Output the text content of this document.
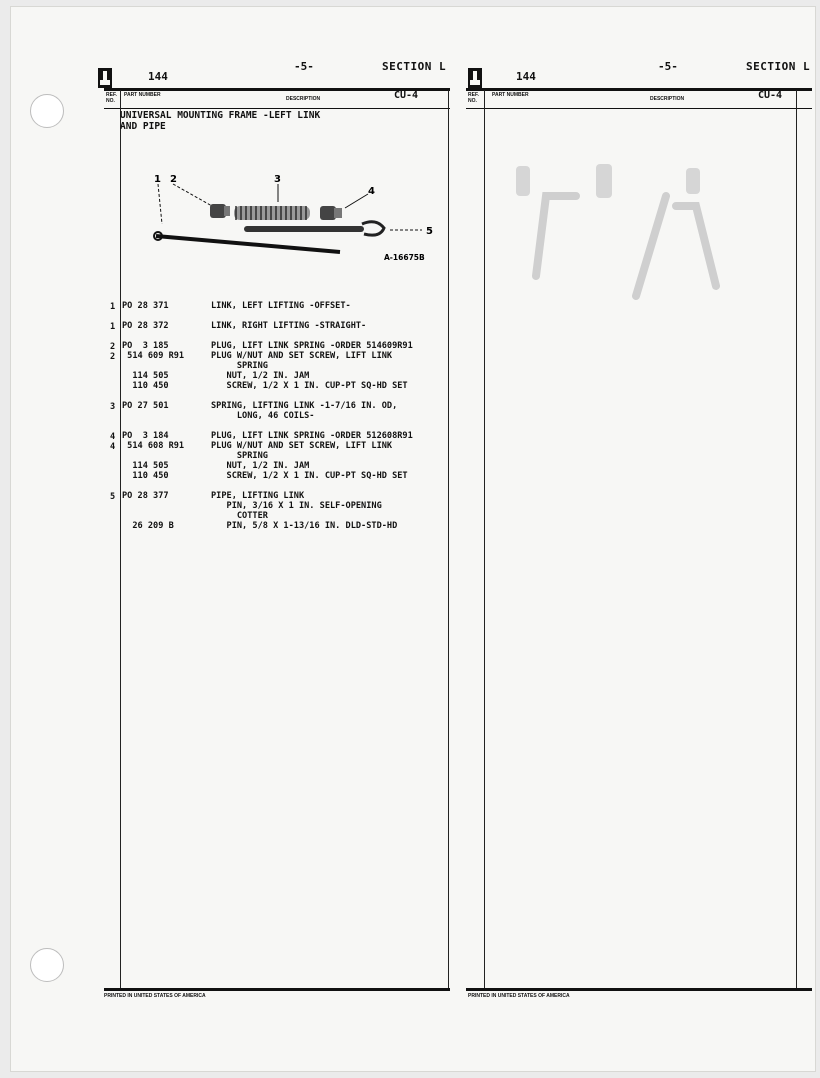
144
-5-	SECTION L
REF. NO.
PART NUMBER
DESCRIPTION	CU-4
UNIVERSAL MOUNTING FRAME -LEFT LINK
AND PIPE
1 2	3
4
5
A-16675B
1 PO 28 371	LINK, LEFT LIFTING -OFFSET-
1 PO 28 372	LINK, RIGHT LIFTING -STRAIGHT-
2 PO  3 185	PLUG, LIFT LINK SPRING -ORDER 514609R91
2 514 609 R91	PLUG W/NUT AND SET SCREW, LIFT LINK
SPRING
114 505	NUT, 1/2 IN. JAM
110 450	SCREW, 1/2 X 1 IN. CUP-PT SQ-HD SET
3 PO 27 501	SPRING, LIFTING LINK -1-7/16 IN. OD,
LONG, 46 COILS-
4 PO  3 184	PLUG, LIFT LINK SPRING -ORDER 512608R91
4 514 608 R91	PLUG W/NUT AND SET SCREW, LIFT LINK
SPRING
114 505	NUT, 1/2 IN. JAM
110 450	SCREW, 1/2 X 1 IN. CUP-PT SQ-HD SET
5 PO 28 377	PIPE, LIFTING LINK
PIN, 3/16 X 1 IN. SELF-OPENING
COTTER
26 209 B	PIN, 5/8 X 1-13/16 IN. DLD-STD-HD
PRINTED IN UNITED STATES OF AMERICA
144
-5-	SECTION L
REF. NO.
PART NUMBER
DESCRIPTION	CU-4
PRINTED IN UNITED STATES OF AMERICA
